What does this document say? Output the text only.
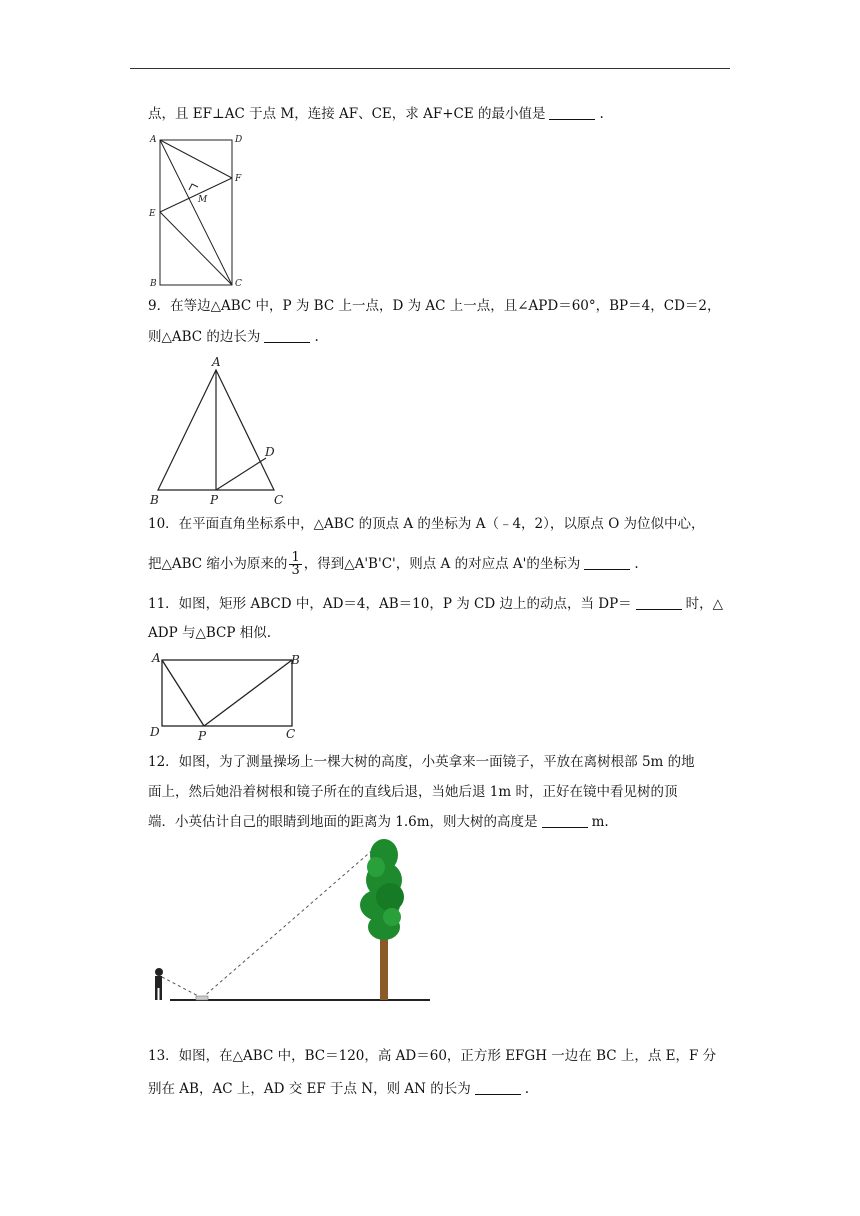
点，且 EF⊥AC 于点 M，连接 AF、CE，求 AF+CE 的最小值是	.
A	D
F
M
E
B	C
9．在等边△ABC 中，P 为 BC 上一点，D 为 AC 上一点，且∠APD＝60°，BP＝4，CD＝2，
则△ABC 的边长为	.
A
B	P	C
D
10．在平面直角坐标系中，△ABC 的顶点 A 的坐标为 A（﹣4，2），以原点 O 为位似中心，
把△ABC 缩小为原来的 $\frac{1}{3}$ ，得到△A'B'C'，则点 A 的对应点 A'的坐标为	.
11．如图，矩形 ABCD 中，AD＝4，AB＝10，P 为 CD 边上的动点，当 DP＝	时，△
ADP 与△BCP 相似.
A	B
D	P	C
12．如图，为了测量操场上一棵大树的高度，小英拿来一面镜子，平放在离树根部 5m 的地
面上，然后她沿着树根和镜子所在的直线后退，当她后退 1m 时，正好在镜中看见树的顶
端．小英估计自己的眼睛到地面的距离为 1.6m，则大树的高度是	m.
13．如图，在△ABC 中，BC＝120，高 AD＝60，正方形 EFGH 一边在 BC 上，点 E，F 分
别在 AB，AC 上，AD 交 EF 于点 N，则 AN 的长为	.
